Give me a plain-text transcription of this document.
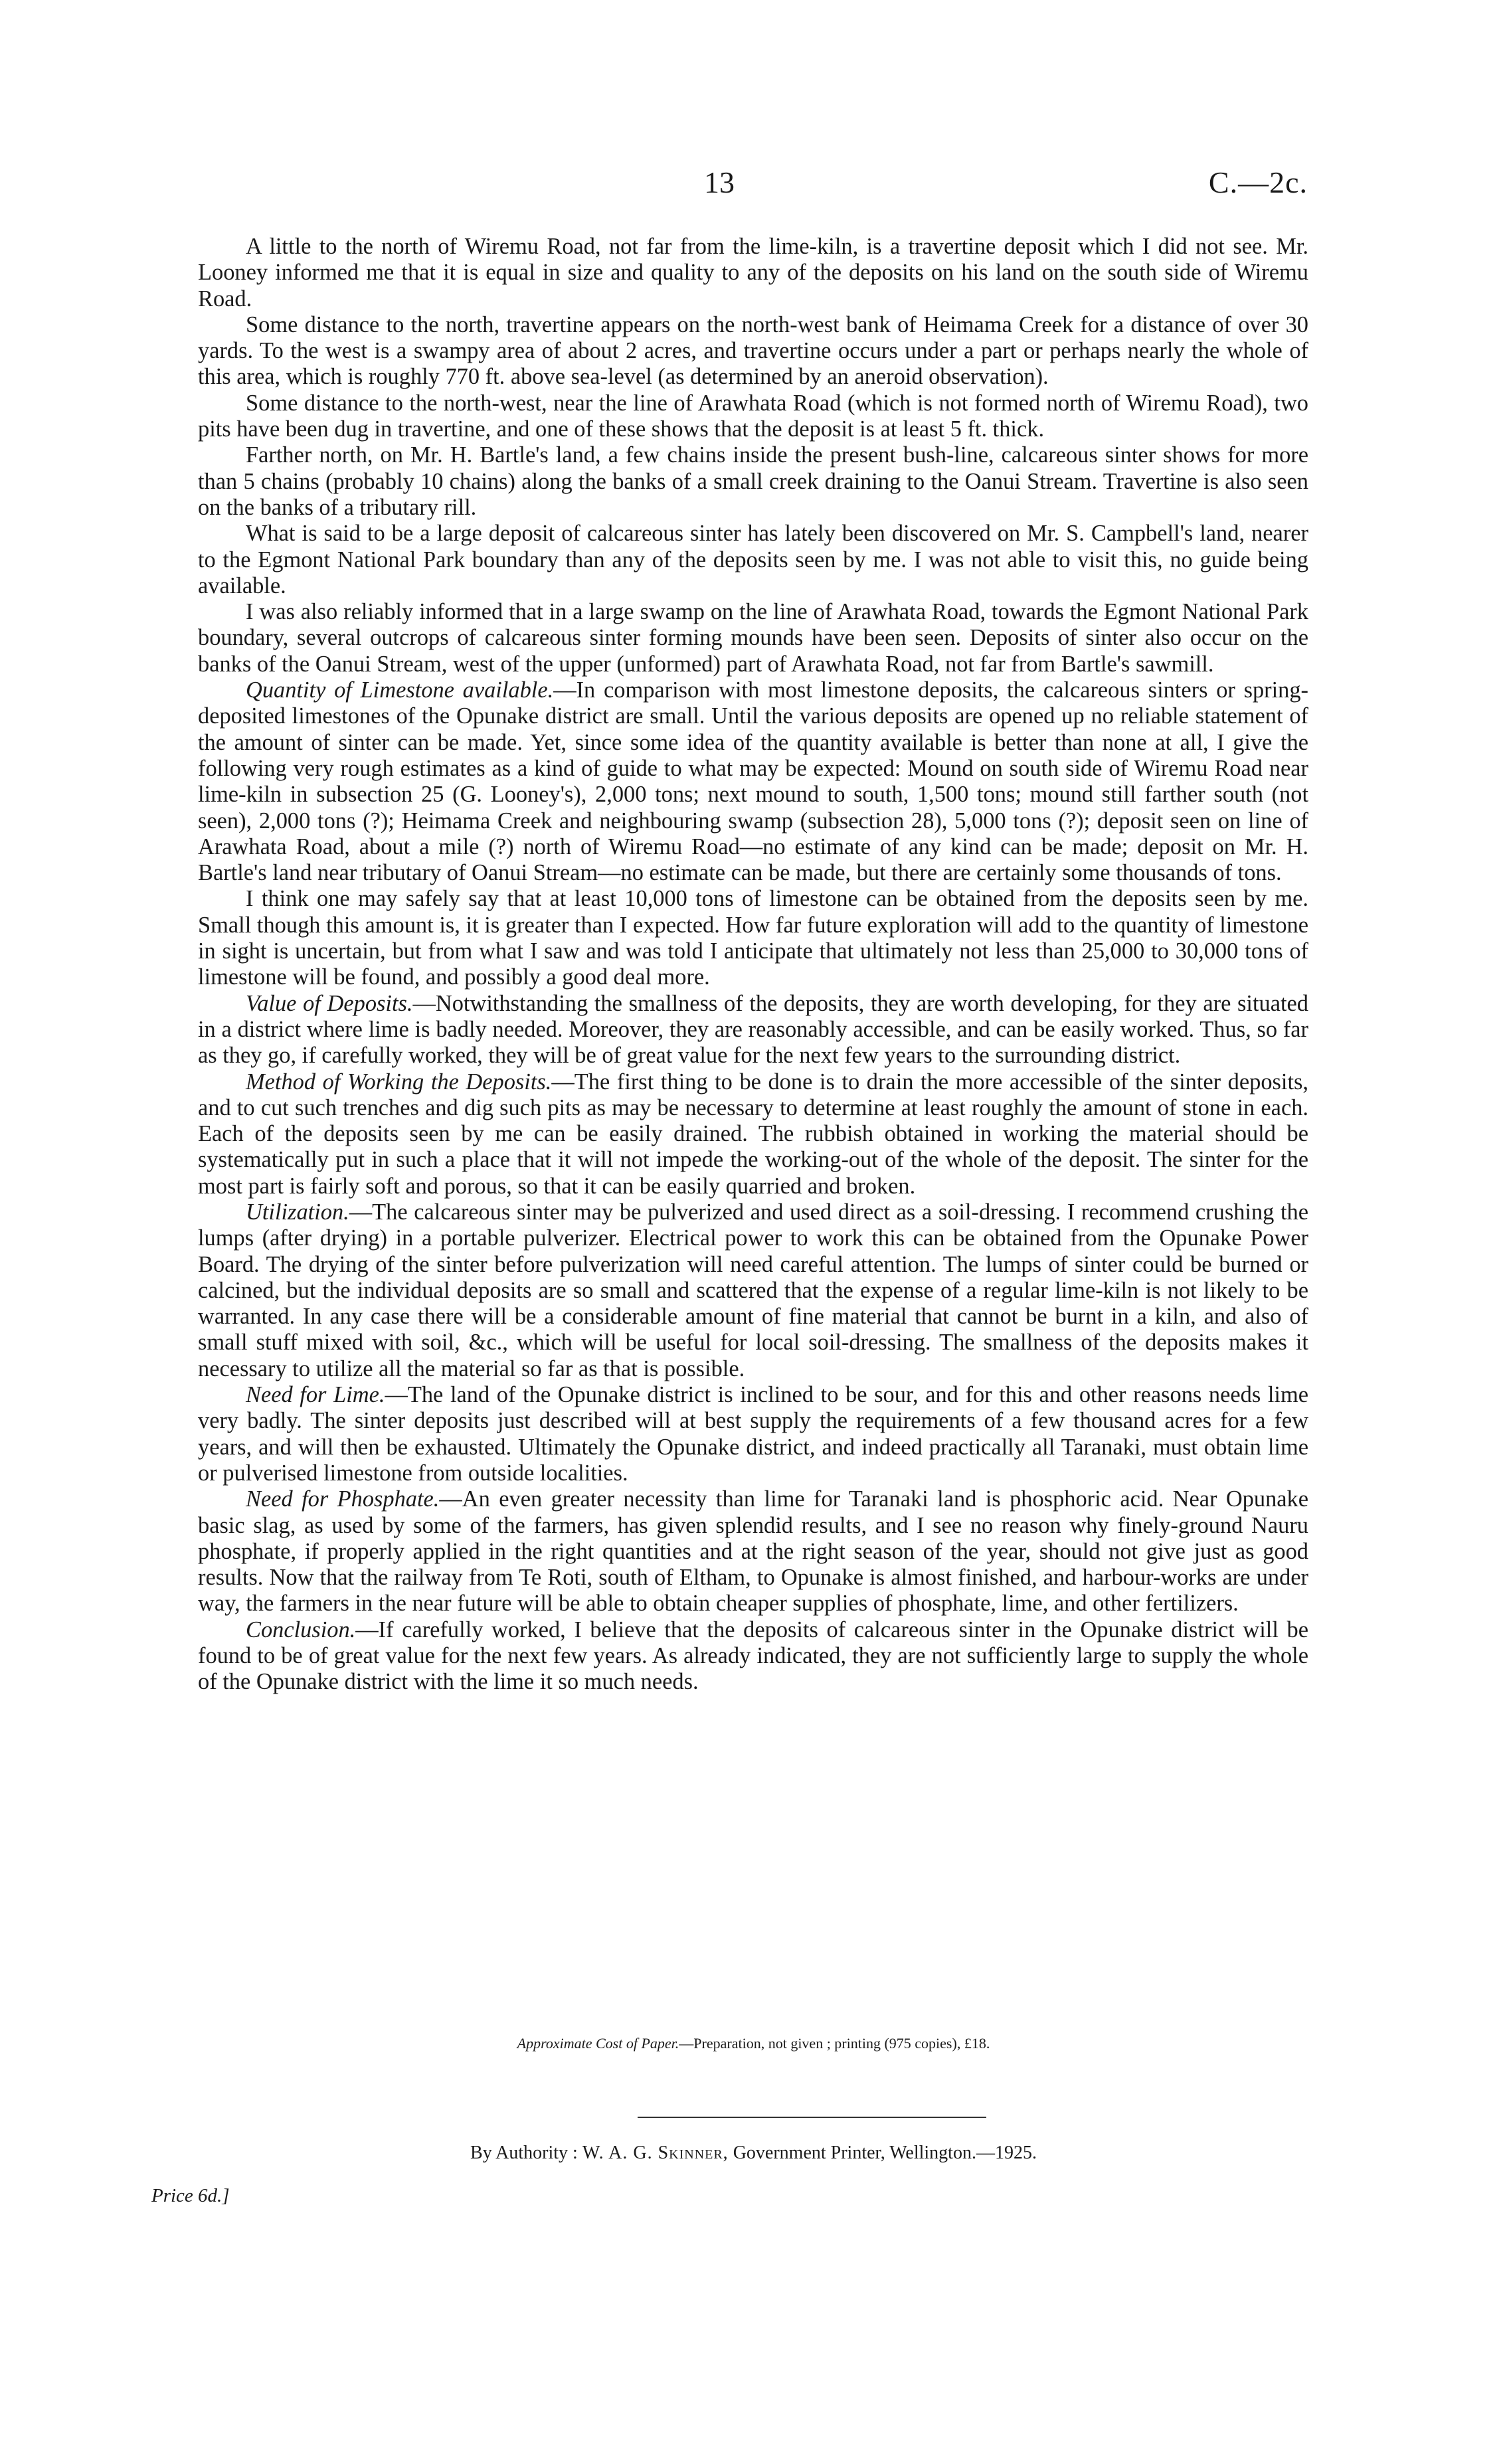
13	C.—2c.

A little to the north of Wiremu Road, not far from the lime-kiln, is a travertine deposit which I did not see. Mr. Looney informed me that it is equal in size and quality to any of the deposits on his land on the south side of Wiremu Road.

Some distance to the north, travertine appears on the north-west bank of Heimama Creek for a distance of over 30 yards. To the west is a swampy area of about 2 acres, and travertine occurs under a part or perhaps nearly the whole of this area, which is roughly 770 ft. above sea-level (as determined by an aneroid observation).

Some distance to the north-west, near the line of Arawhata Road (which is not formed north of Wiremu Road), two pits have been dug in travertine, and one of these shows that the deposit is at least 5 ft. thick.

Farther north, on Mr. H. Bartle's land, a few chains inside the present bush-line, calcareous sinter shows for more than 5 chains (probably 10 chains) along the banks of a small creek draining to the Oanui Stream. Travertine is also seen on the banks of a tributary rill.

What is said to be a large deposit of calcareous sinter has lately been discovered on Mr. S. Campbell's land, nearer to the Egmont National Park boundary than any of the deposits seen by me. I was not able to visit this, no guide being available.

I was also reliably informed that in a large swamp on the line of Arawhata Road, towards the Egmont National Park boundary, several outcrops of calcareous sinter forming mounds have been seen. Deposits of sinter also occur on the banks of the Oanui Stream, west of the upper (unformed) part of Arawhata Road, not far from Bartle's sawmill.

Quantity of Limestone available.—In comparison with most limestone deposits, the calcareous sinters or spring-deposited limestones of the Opunake district are small. Until the various deposits are opened up no reliable statement of the amount of sinter can be made. Yet, since some idea of the quantity available is better than none at all, I give the following very rough estimates as a kind of guide to what may be expected: Mound on south side of Wiremu Road near lime-kiln in subsection 25 (G. Looney's), 2,000 tons; next mound to south, 1,500 tons; mound still farther south (not seen), 2,000 tons (?); Heimama Creek and neighbouring swamp (subsection 28), 5,000 tons (?); deposit seen on line of Arawhata Road, about a mile (?) north of Wiremu Road—no estimate of any kind can be made; deposit on Mr. H. Bartle's land near tributary of Oanui Stream—no estimate can be made, but there are certainly some thousands of tons.

I think one may safely say that at least 10,000 tons of limestone can be obtained from the deposits seen by me. Small though this amount is, it is greater than I expected. How far future exploration will add to the quantity of limestone in sight is uncertain, but from what I saw and was told I anticipate that ultimately not less than 25,000 to 30,000 tons of limestone will be found, and possibly a good deal more.

Value of Deposits.—Notwithstanding the smallness of the deposits, they are worth developing, for they are situated in a district where lime is badly needed. Moreover, they are reasonably accessible, and can be easily worked. Thus, so far as they go, if carefully worked, they will be of great value for the next few years to the surrounding district.

Method of Working the Deposits.—The first thing to be done is to drain the more accessible of the sinter deposits, and to cut such trenches and dig such pits as may be necessary to determine at least roughly the amount of stone in each. Each of the deposits seen by me can be easily drained. The rubbish obtained in working the material should be systematically put in such a place that it will not impede the working-out of the whole of the deposit. The sinter for the most part is fairly soft and porous, so that it can be easily quarried and broken.

Utilization.—The calcareous sinter may be pulverized and used direct as a soil-dressing. I recommend crushing the lumps (after drying) in a portable pulverizer. Electrical power to work this can be obtained from the Opunake Power Board. The drying of the sinter before pulverization will need careful attention. The lumps of sinter could be burned or calcined, but the individual deposits are so small and scattered that the expense of a regular lime-kiln is not likely to be warranted. In any case there will be a considerable amount of fine material that cannot be burnt in a kiln, and also of small stuff mixed with soil, &c., which will be useful for local soil-dressing. The smallness of the deposits makes it necessary to utilize all the material so far as that is possible.

Need for Lime.—The land of the Opunake district is inclined to be sour, and for this and other reasons needs lime very badly. The sinter deposits just described will at best supply the requirements of a few thousand acres for a few years, and will then be exhausted. Ultimately the Opunake district, and indeed practically all Taranaki, must obtain lime or pulverised limestone from outside localities.

Need for Phosphate.—An even greater necessity than lime for Taranaki land is phosphoric acid. Near Opunake basic slag, as used by some of the farmers, has given splendid results, and I see no reason why finely-ground Nauru phosphate, if properly applied in the right quantities and at the right season of the year, should not give just as good results. Now that the railway from Te Roti, south of Eltham, to Opunake is almost finished, and harbour-works are under way, the farmers in the near future will be able to obtain cheaper supplies of phosphate, lime, and other fertilizers.

Conclusion.—If carefully worked, I believe that the deposits of calcareous sinter in the Opunake district will be found to be of great value for the next few years. As already indicated, they are not sufficiently large to supply the whole of the Opunake district with the lime it so much needs.

Approximate Cost of Paper.—Preparation, not given ; printing (975 copies), £18.
By Authority : W. A. G. Skinner, Government Printer, Wellington.—1925.
Price 6d.]
